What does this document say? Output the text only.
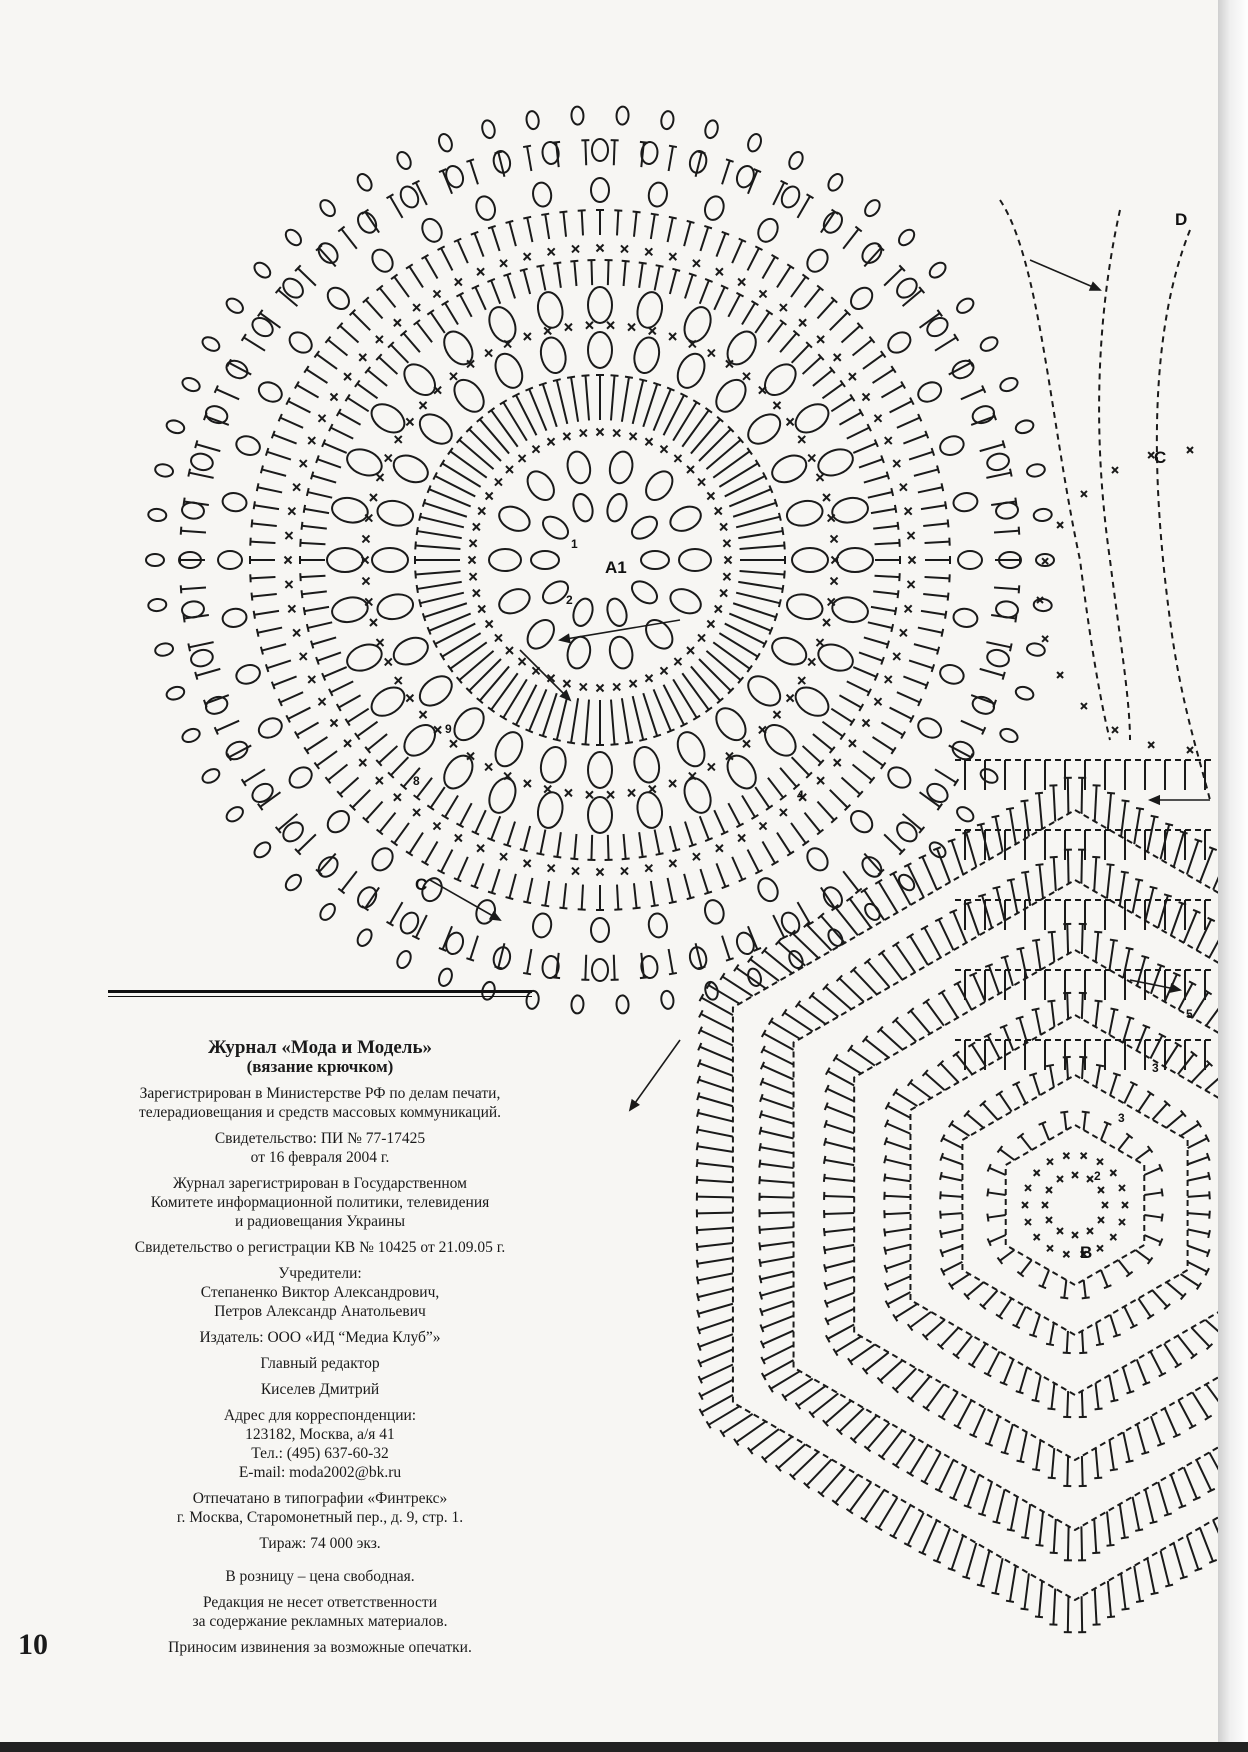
A1
B
C
C
D
1
2
2
3
3
4
5
8
9
Журнал «Мода и Модель»
(вязание крючком)
Зарегистрирован в Министерстве РФ по делам печати,
телерадиовещания и средств массовых коммуникаций.
Свидетельство: ПИ № 77-17425
от 16 февраля 2004 г.
Журнал зарегистрирован в Государственном
Комитете информационной политики, телевидения
и радиовещания Украины
Свидетельство о регистрации КВ № 10425 от 21.09.05 г.
Учредители:
Степаненко Виктор Александрович,
Петров Александр Анатольевич
Издатель: ООО «ИД “Медиа Клуб”»
Главный редактор
Киселев Дмитрий
Адрес для корреспонденции:
123182, Москва, а/я 41
Тел.: (495) 637-60-32
E-mail: moda2002@bk.ru
Отпечатано в типографии «Финтрекс»
г. Москва, Старомонетный пер., д. 9, стр. 1.
Тираж: 74 000 экз.
В розницу – цена свободная.
Редакция не несет ответственности
за содержание рекламных материалов.
Приносим извинения за возможные опечатки.
10
